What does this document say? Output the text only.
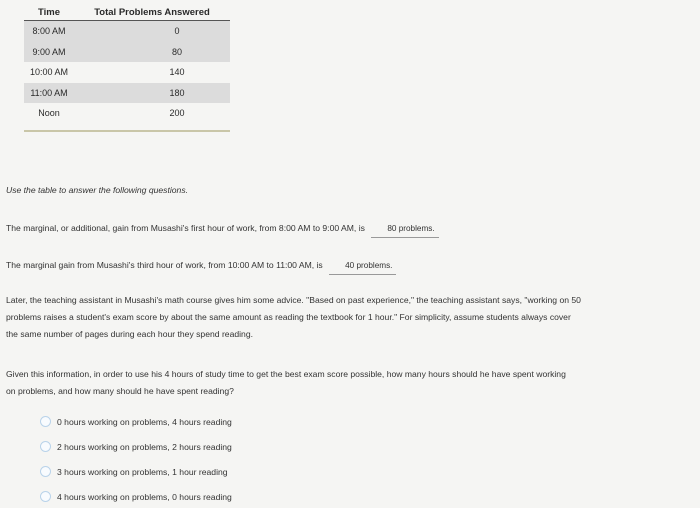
Time	Total Problems Answered
8:00 AM	0
9:00 AM	80
10:00 AM	140
11:00 AM	180
Noon	200
Use the table to answer the following questions.
The marginal, or additional, gain from Musashi's first hour of work, from 8:00 AM to 9:00 AM, is	80 problems.
The marginal gain from Musashi's third hour of work, from 10:00 AM to 11:00 AM, is	40 problems.
Later, the teaching assistant in Musashi's math course gives him some advice. "Based on past experience," the teaching assistant says, "working on 50
problems raises a student's exam score by about the same amount as reading the textbook for 1 hour." For simplicity, assume students always cover
the same number of pages during each hour they spend reading.
Given this information, in order to use his 4 hours of study time to get the best exam score possible, how many hours should he have spent working
on problems, and how many should he have spent reading?
0 hours working on problems, 4 hours reading
2 hours working on problems, 2 hours reading
3 hours working on problems, 1 hour reading
4 hours working on problems, 0 hours reading
